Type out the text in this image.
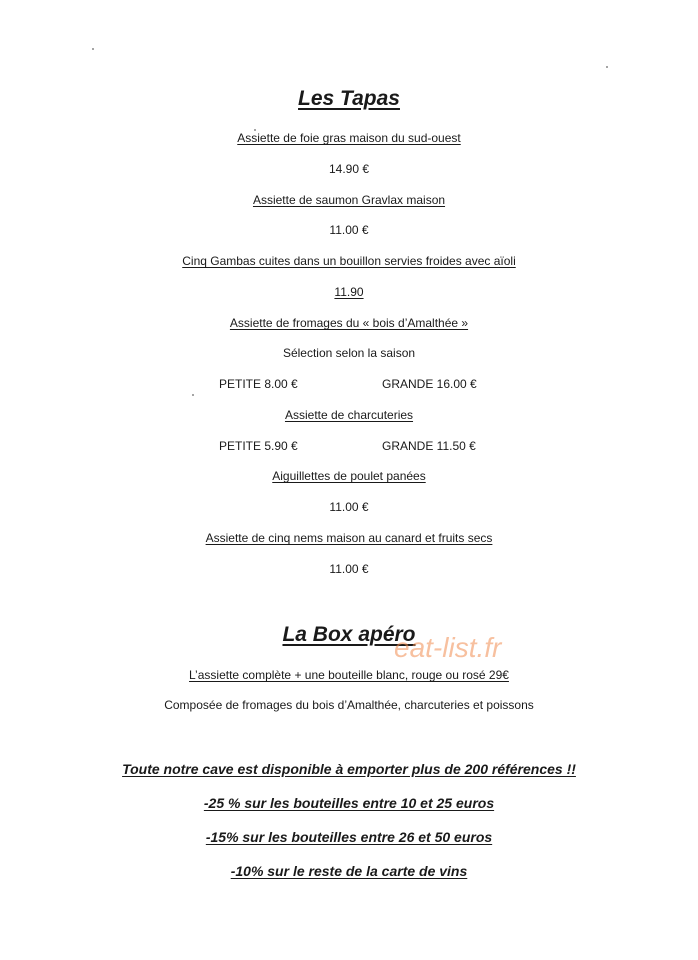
Les Tapas
Assiette de foie gras maison du sud-ouest
14.90 €
Assiette de saumon Gravlax maison
11.00 €
Cinq Gambas cuites dans un bouillon servies froides avec aïoli
11.90
Assiette de fromages du « bois d’Amalthée »
Sélection selon la saison
PETITE 8.00 €	GRANDE 16.00 €
Assiette de charcuteries
PETITE 5.90 €	GRANDE 11.50 €
Aiguillettes de poulet panées
11.00 €
Assiette de cinq nems maison au canard et fruits secs
11.00 €
La Box apéro
eat-list.fr
L’assiette complète + une bouteille blanc, rouge ou rosé 29€
Composée de fromages du bois d’Amalthée, charcuteries et poissons
Toute notre cave est disponible à emporter plus de 200 références !!
-25 % sur les bouteilles entre 10 et 25 euros
-15% sur les bouteilles entre 26 et 50 euros
-10% sur le reste de la carte de vins
